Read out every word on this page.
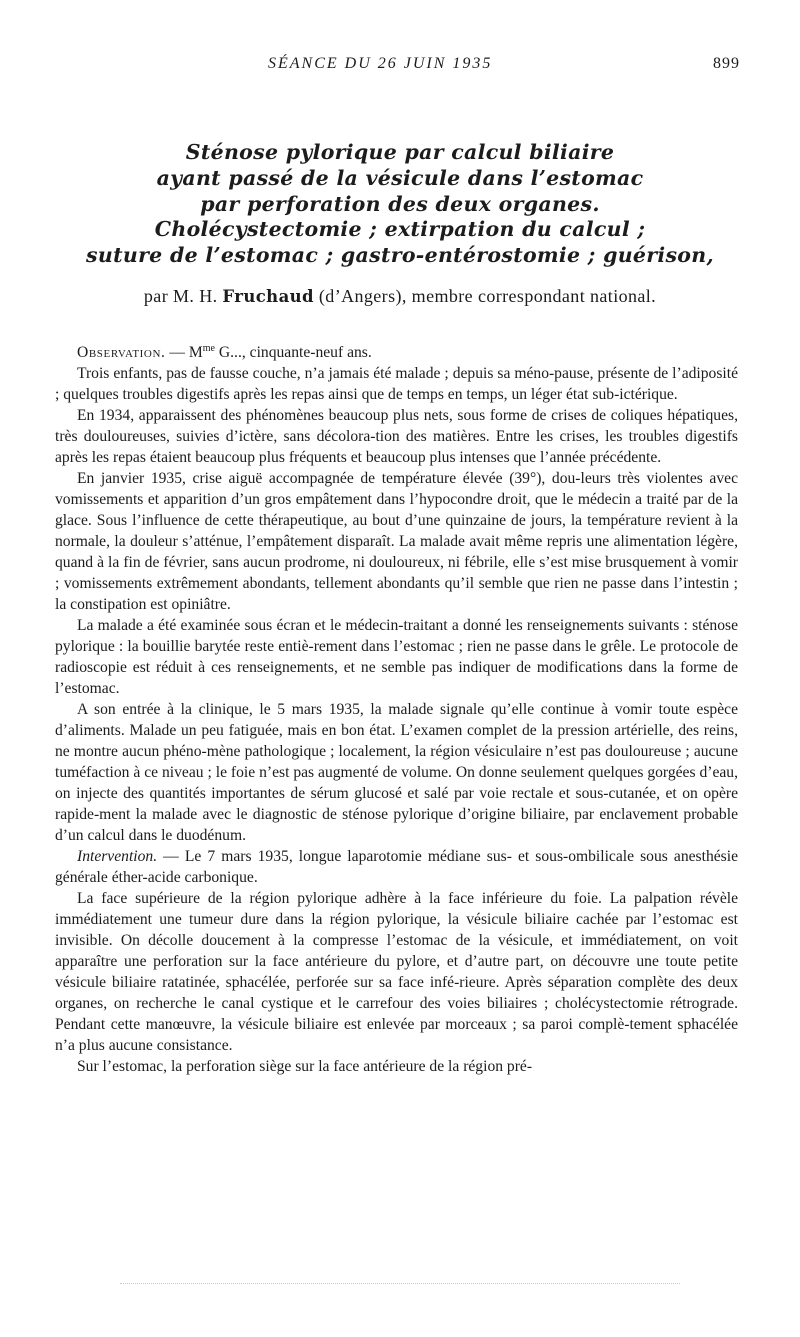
SÉANCE DU 26 JUIN 1935	899
Sténose pylorique par calcul biliaire
ayant passé de la vésicule dans l’estomac
par perforation des deux organes.
Cholécystectomie ; extirpation du calcul ;
suture de l’estomac ; gastro-entérostomie ; guérison,
par M. H. Fruchaud (d’Angers), membre correspondant national.

Observation. — $M^{me}$ G..., cinquante-neuf ans.

Trois enfants, pas de fausse couche, n’a jamais été malade ; depuis sa méno-pause, présente de l’adiposité ; quelques troubles digestifs après les repas ainsi que de temps en temps, un léger état sub-ictérique.

En 1934, apparaissent des phénomènes beaucoup plus nets, sous forme de crises de coliques hépatiques, très douloureuses, suivies d’ictère, sans décolora-tion des matières. Entre les crises, les troubles digestifs après les repas étaient beaucoup plus fréquents et beaucoup plus intenses que l’année précédente.

En janvier 1935, crise aiguë accompagnée de température élevée (39°), dou-leurs très violentes avec vomissements et apparition d’un gros empâtement dans l’hypocondre droit, que le médecin a traité par de la glace. Sous l’influence de cette thérapeutique, au bout d’une quinzaine de jours, la température revient à la normale, la douleur s’atténue, l’empâtement disparaît. La malade avait même repris une alimentation légère, quand à la fin de février, sans aucun prodrome, ni douloureux, ni fébrile, elle s’est mise brusquement à vomir ; vomissements extrêmement abondants, tellement abondants qu’il semble que rien ne passe dans l’intestin ; la constipation est opiniâtre.

La malade a été examinée sous écran et le médecin-traitant a donné les renseignements suivants : sténose pylorique : la bouillie barytée reste entiè-rement dans l’estomac ; rien ne passe dans le grêle. Le protocole de radioscopie est réduit à ces renseignements, et ne semble pas indiquer de modifications dans la forme de l’estomac.

A son entrée à la clinique, le 5 mars 1935, la malade signale qu’elle continue à vomir toute espèce d’aliments. Malade un peu fatiguée, mais en bon état. L’examen complet de la pression artérielle, des reins, ne montre aucun phéno-mène pathologique ; localement, la région vésiculaire n’est pas douloureuse ; aucune tuméfaction à ce niveau ; le foie n’est pas augmenté de volume. On donne seulement quelques gorgées d’eau, on injecte des quantités importantes de sérum glucosé et salé par voie rectale et sous-cutanée, et on opère rapide-ment la malade avec le diagnostic de sténose pylorique d’origine biliaire, par enclavement probable d’un calcul dans le duodénum.

Intervention. — Le 7 mars 1935, longue laparotomie médiane sus- et sous-ombilicale sous anesthésie générale éther-acide carbonique.

La face supérieure de la région pylorique adhère à la face inférieure du foie. La palpation révèle immédiatement une tumeur dure dans la région pylorique, la vésicule biliaire cachée par l’estomac est invisible. On décolle doucement à la compresse l’estomac de la vésicule, et immédiatement, on voit apparaître une perforation sur la face antérieure du pylore, et d’autre part, on découvre une toute petite vésicule biliaire ratatinée, sphacélée, perforée sur sa face infé-rieure. Après séparation complète des deux organes, on recherche le canal cystique et le carrefour des voies biliaires ; cholécystectomie rétrograde. Pendant cette manœuvre, la vésicule biliaire est enlevée par morceaux ; sa paroi complè-tement sphacélée n’a plus aucune consistance.

Sur l’estomac, la perforation siège sur la face antérieure de la région pré-
